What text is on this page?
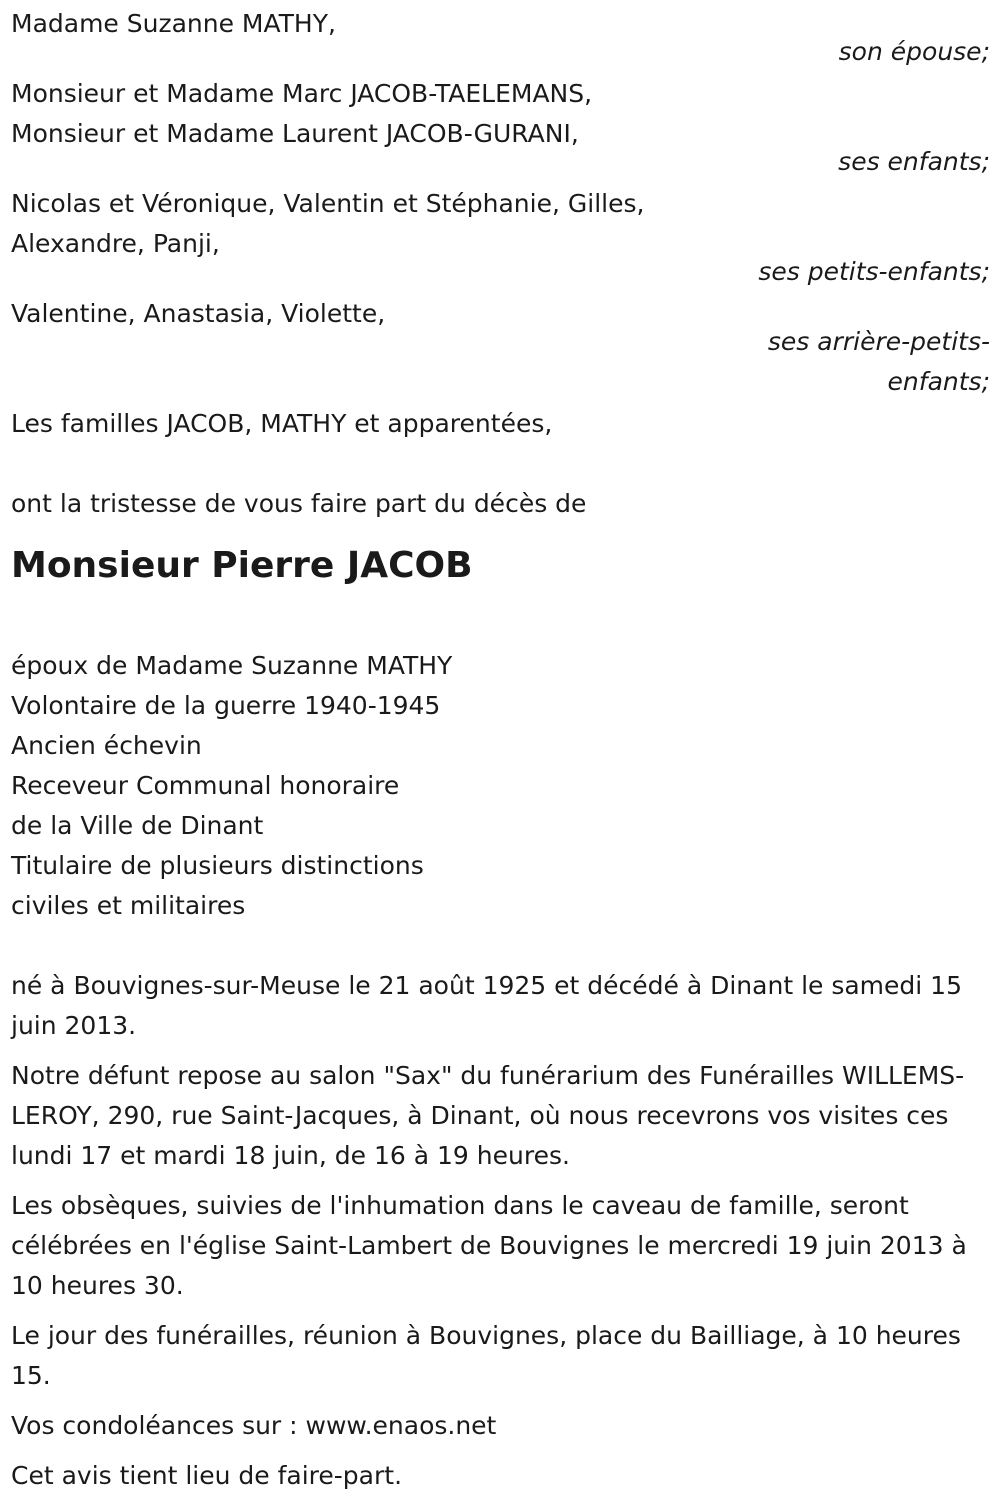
Madame Suzanne MATHY,
son épouse;
Monsieur et Madame Marc JACOB-TAELEMANS,
Monsieur et Madame Laurent JACOB-GURANI,
ses enfants;
Nicolas et Véronique, Valentin et Stéphanie, Gilles,
Alexandre, Panji,
ses petits-enfants;
Valentine, Anastasia, Violette,
ses arrière-petits-
enfants;
Les familles JACOB, MATHY et apparentées,
ont la tristesse de vous faire part du décès de
Monsieur Pierre JACOB
époux de Madame Suzanne MATHY
Volontaire de la guerre 1940-1945
Ancien échevin
Receveur Communal honoraire
de la Ville de Dinant
Titulaire de plusieurs distinctions
civiles et militaires
né à Bouvignes-sur-Meuse le 21 août 1925 et décédé à Dinant le samedi 15 juin 2013.
Notre défunt repose au salon "Sax" du funérarium des Funérailles WILLEMS-LEROY, 290, rue Saint-Jacques, à Dinant, où nous recevrons vos visites ces lundi 17 et mardi 18 juin, de 16 à 19 heures.
Les obsèques, suivies de l'inhumation dans le caveau de famille, seront célébrées en l'église Saint-Lambert de Bouvignes le mercredi 19 juin 2013 à 10 heures 30.
Le jour des funérailles, réunion à Bouvignes, place du Bailliage, à 10 heures 15.
Vos condoléances sur : www.enaos.net
Cet avis tient lieu de faire-part.
